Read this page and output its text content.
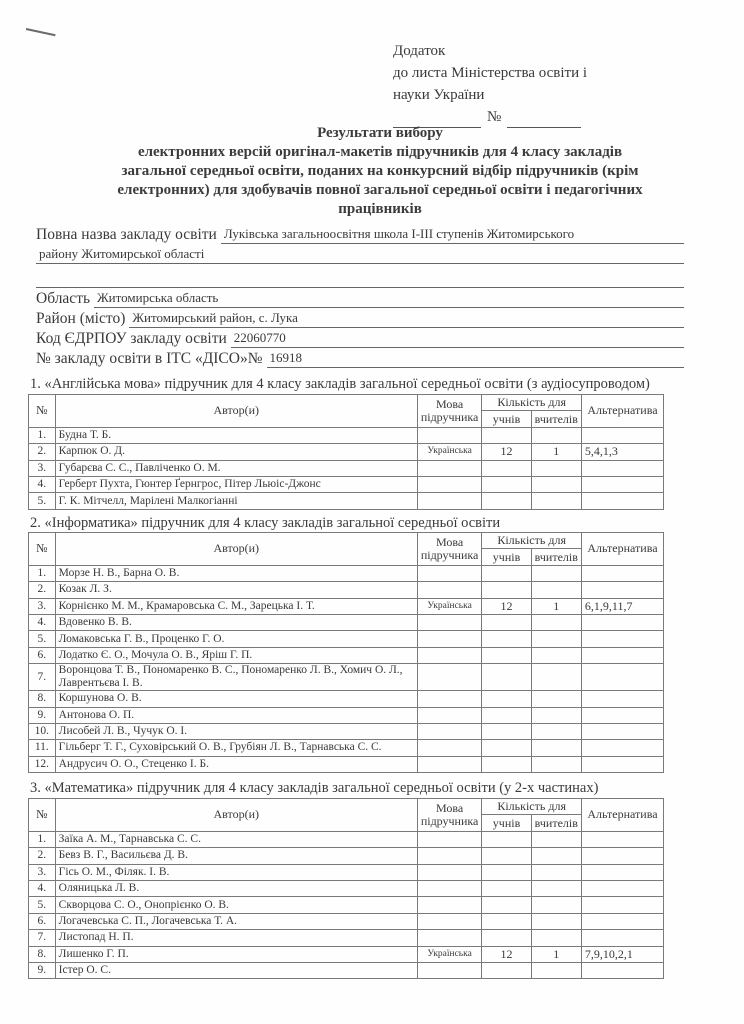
Додаток
до листа Міністерства освіти і
науки України
№
Результати вибору
електронних версій оригінал-макетів підручників для 4 класу закладів
загальної середньої освіти, поданих на конкурсний відбір підручників (крім
електронних) для здобувачів повної загальної середньої освіти і педагогічних
працівників
Повна назва закладу освіти Луківська загальноосвітня школа І-ІІІ ступенів Житомирського
району Житомирської області
Область Житомирська область
Район (місто) Житомирський район, с. Лука
Код ЄДРПОУ закладу освіти 22060770
№ закладу освіти в ІТС «ДІСО»№ 16918
1. «Англійська мова» підручник для 4 класу закладів загальної середньої освіти (з аудіосупроводом)
№	Автор(и)	Мова підручника	Кількість для		Альтернатива
			учнів	вчителів	
1.	Будна Т. Б.				
2.	Карпюк О. Д.	Українська	12	1	5,4,1,3
3.	Губарєва С. С., Павліченко О. М.				
4.	Герберт Пухта, Гюнтер Ґернгрос, Пітер Льюіс-Джонс				
5.	Г. К. Мітчелл, Марілені Малкогіанні				
2. «Інформатика» підручник для 4 класу закладів загальної середньої освіти
№	Автор(и)	Мова підручника	Кількість для		Альтернатива
			учнів	вчителів	
1.	Морзе Н. В., Барна О. В.				
2.	Козак Л. З.				
3.	Корнієнко М. М., Крамаровська С. М., Зарецька І. Т.	Українська	12	1	6,1,9,11,7
4.	Вдовенко В. В.				
5.	Ломаковська Г. В., Проценко Г. О.				
6.	Лодатко Є. О., Мочула О. В., Яріш Г. П.				
7.	Воронцова Т. В., Пономаренко В. С., Пономаренко Л. В., Хомич О. Л., Лаврентьєва І. В.				
8.	Коршунова О. В.				
9.	Антонова О. П.				
10.	Лисобей Л. В., Чучук О. І.				
11.	Гільберг Т. Г., Суховірський О. В., Грубіян Л. В., Тарнавська С. С.				
12.	Андрусич О. О., Стеценко І. Б.				
3. «Математика» підручник для 4 класу закладів загальної середньої освіти (у 2-х частинах)
№	Автор(и)	Мова підручника	Кількість для		Альтернатива
			учнів	вчителів	
1.	Заїка А. М., Тарнавська С. С.				
2.	Бевз В. Г., Васильєва Д. В.				
3.	Гісь О. М., Філяк. І. В.				
4.	Оляницька Л. В.				
5.	Скворцова С. О., Онопрієнко О. В.				
6.	Логачевська С. П., Логачевська Т. А.				
7.	Листопад Н. П.				
8.	Лишенко Г. П.	Українська	12	1	7,9,10,2,1
9.	Істер О. С.				
